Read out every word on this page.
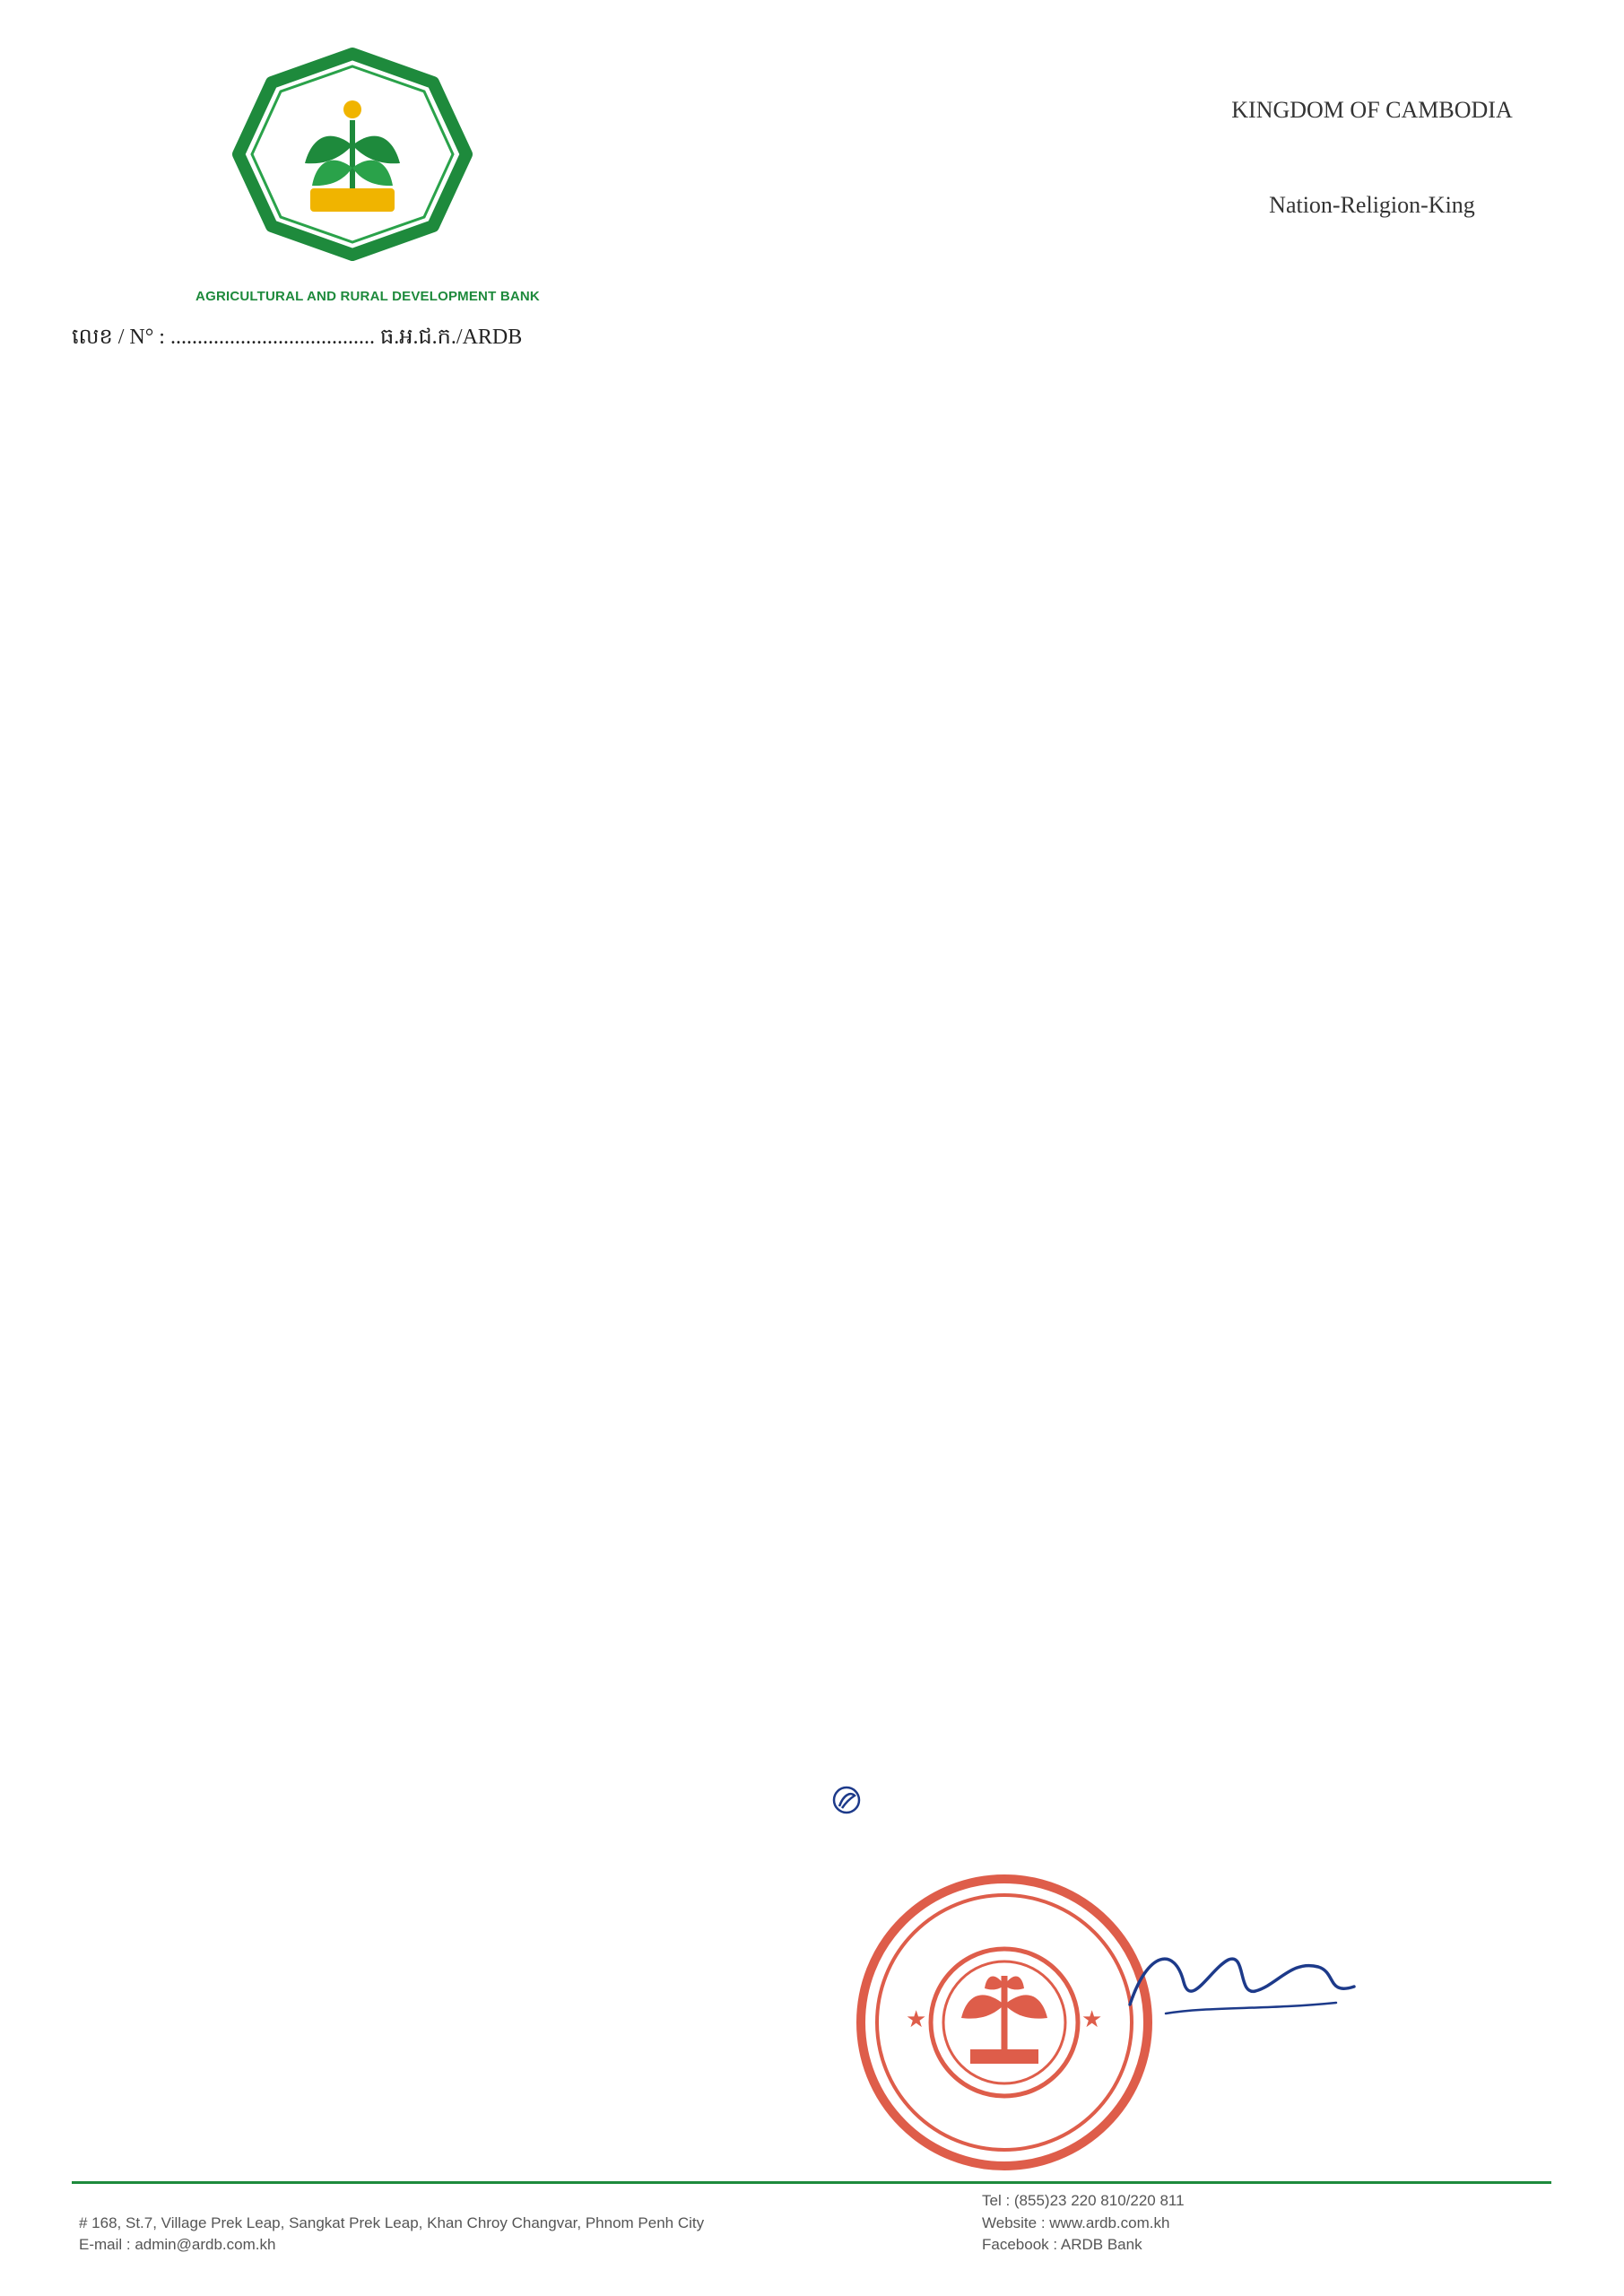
AGRICULTURAL AND RURAL DEVELOPMENT BANK
លេខ / N° : ...................................... ធ.អ.ជ.ក./ARDB
KINGDOM OF CAMBODIA
Nation-Religion-King
★	★
# 168, St.7, Village Prek Leap, Sangkat Prek Leap, Khan Chroy Changvar, Phnom Penh City
E-mail : admin@ardb.com.kh
Tel : (855)23 220 810/220 811
Website : www.ardb.com.kh
Facebook : ARDB Bank
